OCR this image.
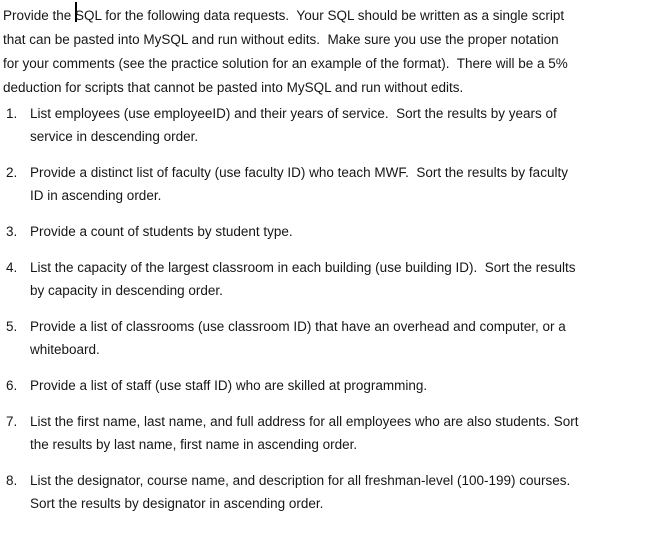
Provide the SQL for the following data requests.  Your SQL should be written as a single script
that can be pasted into MySQL and run without edits.  Make sure you use the proper notation
for your comments (see the practice solution for an example of the format).  There will be a 5%
deduction for scripts that cannot be pasted into MySQL and run without edits.

1. List employees (use employeeID) and their years of service.  Sort the results by years of
service in descending order.
2. Provide a distinct list of faculty (use faculty ID) who teach MWF.  Sort the results by faculty
ID in ascending order.
3. Provide a count of students by student type.
4. List the capacity of the largest classroom in each building (use building ID).  Sort the results
by capacity in descending order.
5. Provide a list of classrooms (use classroom ID) that have an overhead and computer, or a
whiteboard.
6. Provide a list of staff (use staff ID) who are skilled at programming.
7. List the first name, last name, and full address for all employees who are also students. Sort
the results by last name, first name in ascending order.
8. List the designator, course name, and description for all freshman-level (100-199) courses.
Sort the results by designator in ascending order.
